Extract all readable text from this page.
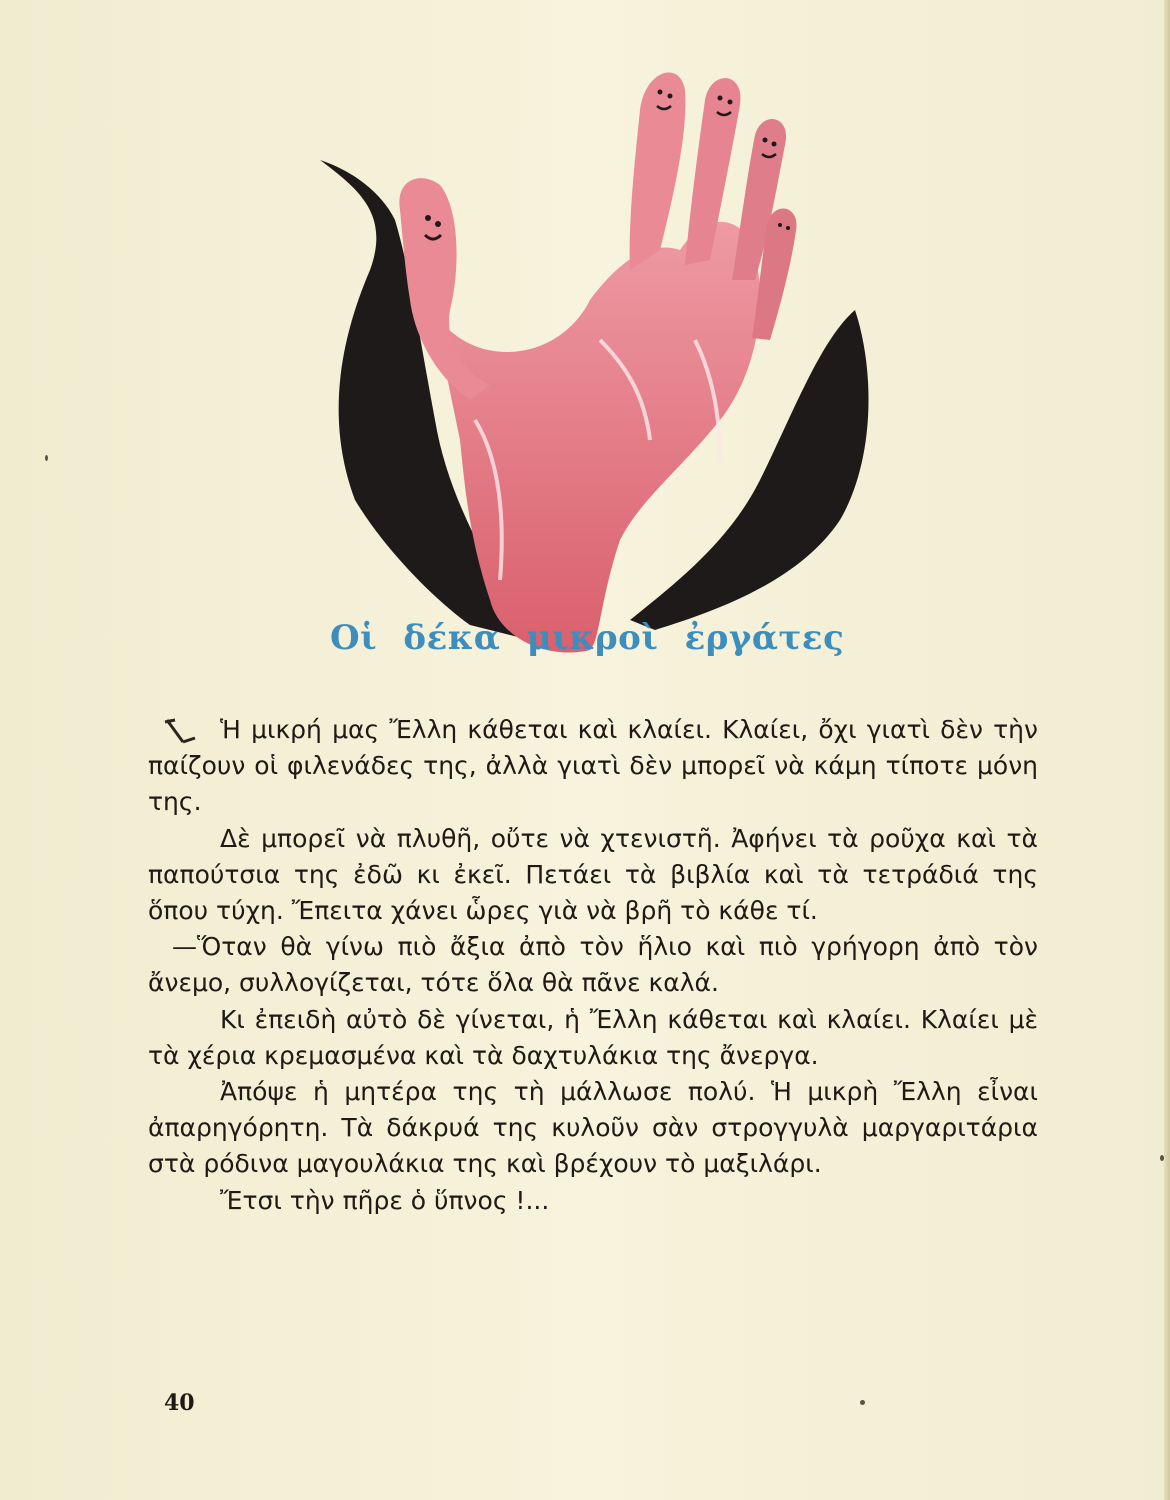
Οἱ δέκα μικροὶ ἐργάτες

Ἡ μικρή μας Ἔλλη κάθεται καὶ κλαίει. Κλαίει, ὄχι γιατὶ δὲν τὴν παίζουν οἱ φιλενάδες της, ἀλλὰ γιατὶ δὲν μπορεῖ νὰ κάμη τίποτε μόνη της.

Δὲ μπορεῖ νὰ πλυθῆ, οὔτε νὰ χτενιστῆ. Ἀφήνει τὰ ροῦχα καὶ τὰ παπούτσια της ἐδῶ κι ἐκεῖ. Πετάει τὰ βιβλία καὶ τὰ τετράδιά της ὅπου τύχη. Ἔπειτα χάνει ὧρες γιὰ νὰ βρῆ τὸ κάθε τί.

—Ὅταν θὰ γίνω πιὸ ἄξια ἀπὸ τὸν ἥλιο καὶ πιὸ γρήγορη ἀπὸ τὸν ἄνεμο, συλλογίζεται, τότε ὅλα θὰ πᾶνε καλά.

Κι ἐπειδὴ αὐτὸ δὲ γίνεται, ἡ Ἔλλη κάθεται καὶ κλαίει. Κλαίει μὲ τὰ χέρια κρεμασμένα καὶ τὰ δαχτυλάκια της ἄνεργα.

Ἀπόψε ἡ μητέρα της τὴ μάλλωσε πολύ. Ἡ μικρὴ Ἔλλη εἶναι ἀπαρηγόρητη. Τὰ δάκρυά της κυλοῦν σὰν στρογγυλὰ μαργαριτάρια στὰ ρόδινα μαγουλάκια της καὶ βρέχουν τὸ μαξιλάρι.

Ἔτσι τὴν πῆρε ὁ ὕπνος !...

40
